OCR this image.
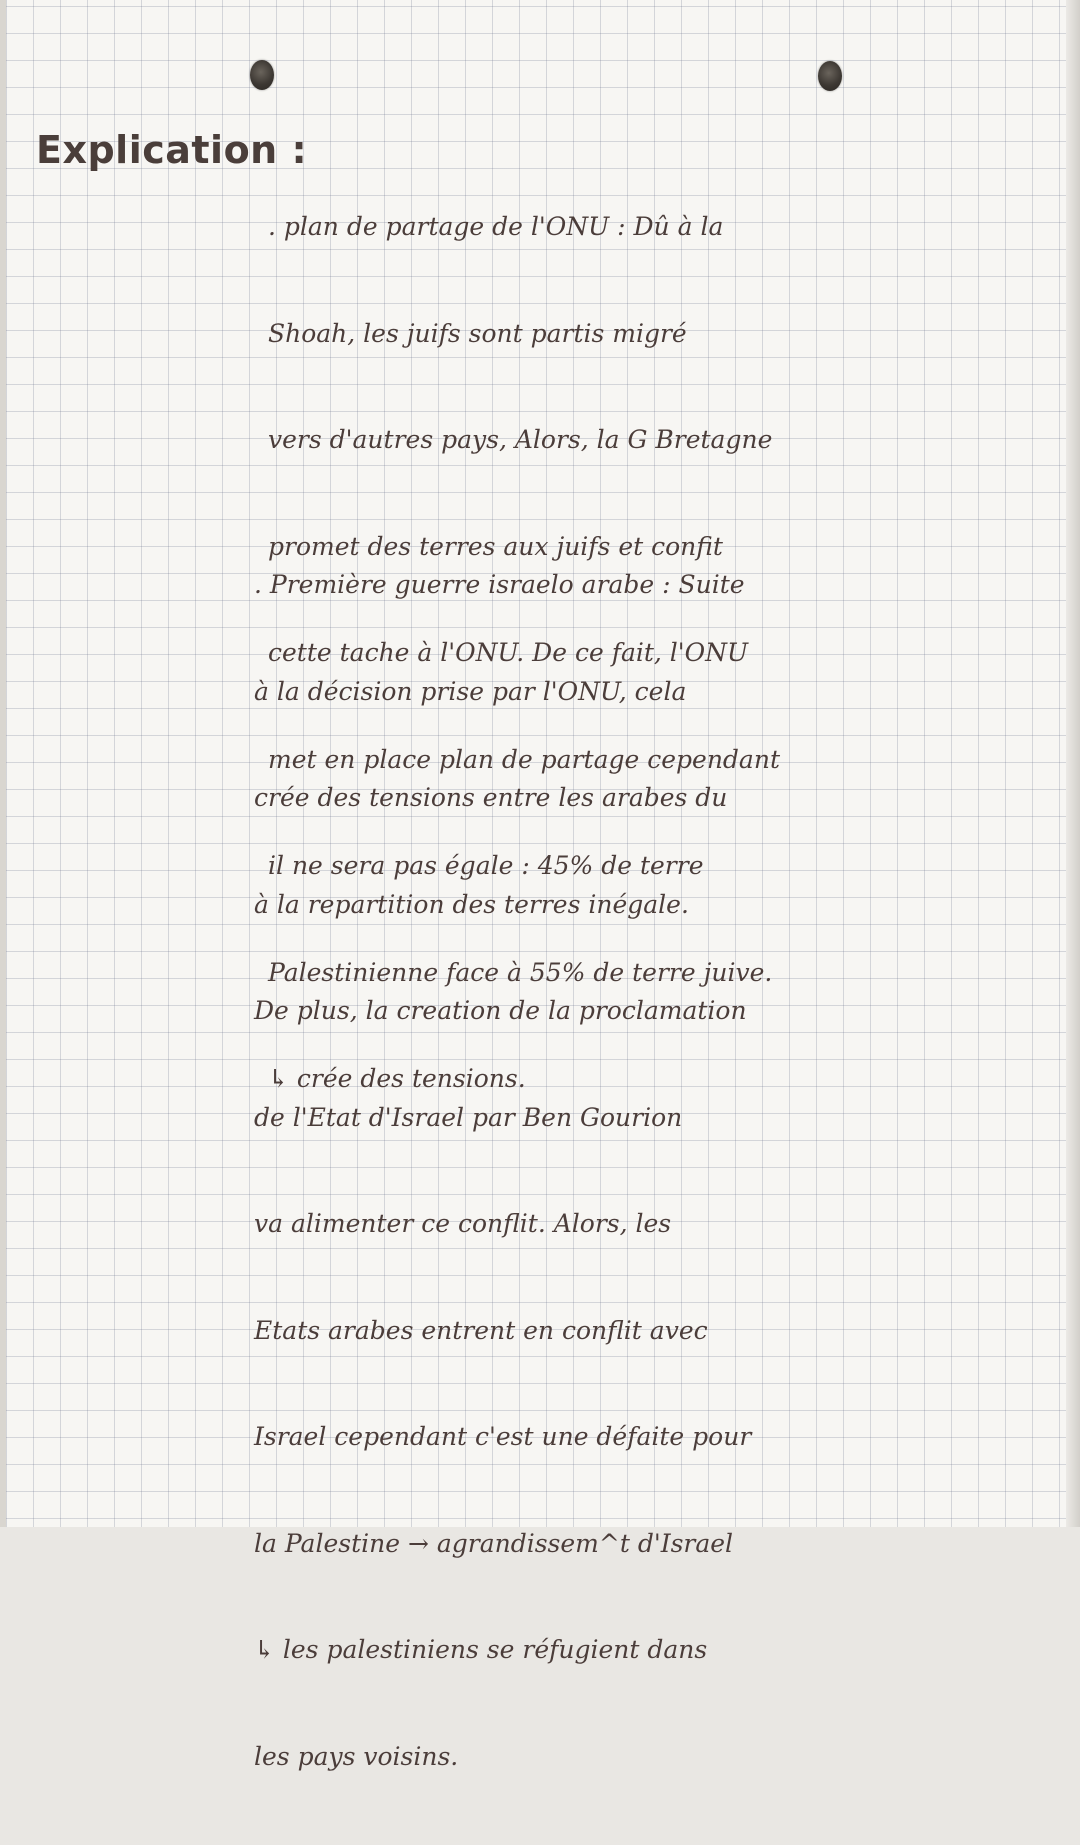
Explication :

. plan de partage de l'ONU : Dû à la

Shoah, les juifs sont partis migré

vers d'autres pays, Alors, la G Bretagne

promet des terres aux juifs et confit

cette tache à l'ONU. De ce fait, l'ONU

met en place plan de partage cependant

il ne sera pas égale : 45% de terre

Palestinienne face à 55% de terre juive.

↳ crée des tensions.

. Première guerre israelo arabe : Suite

à la décision prise par l'ONU, cela

crée des tensions entre les arabes du

à la repartition des terres inégale.

De plus, la creation de la proclamation

de l'Etat d'Israel par Ben Gourion

va alimenter ce conflit. Alors, les

Etats arabes entrent en conflit avec

Israel cependant c'est une défaite pour

la Palestine → agrandissem^t d'Israel

↳ les palestiniens se réfugient dans

les pays voisins.
